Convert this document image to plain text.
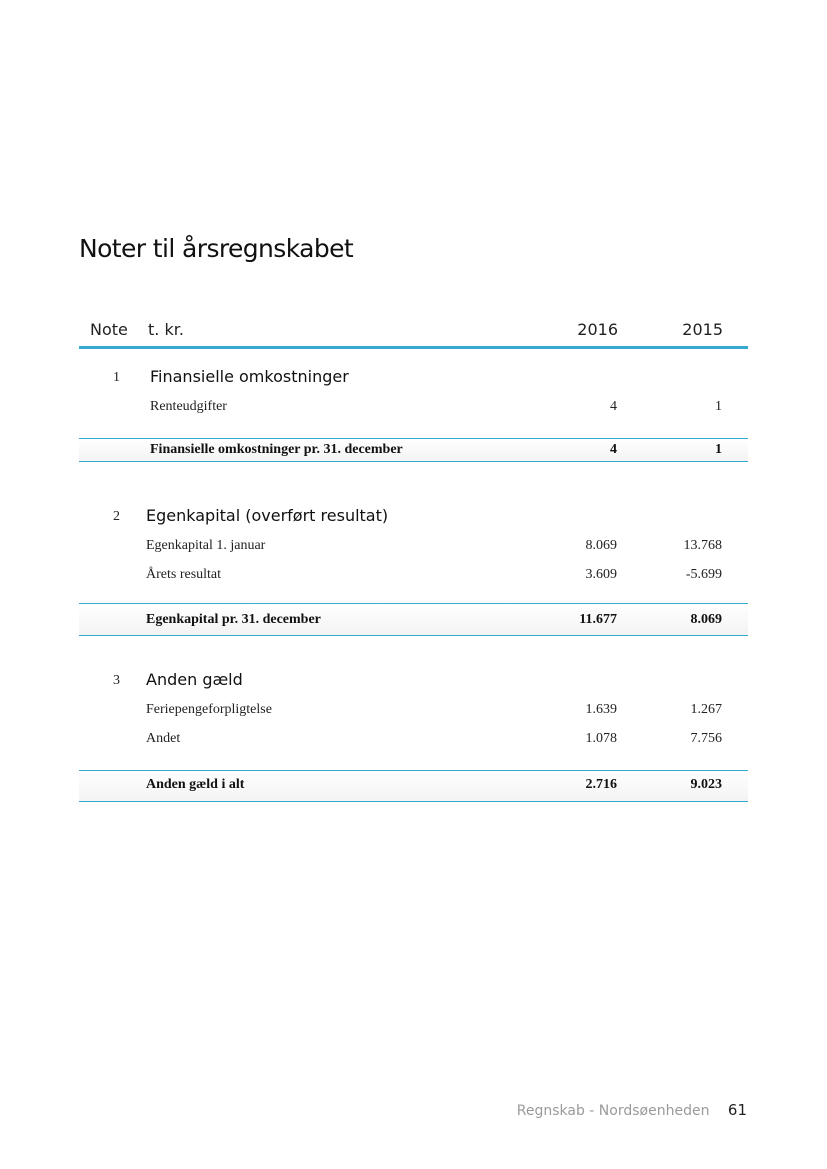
Noter til årsregnskabet
Note t. kr.	2016	2015
1 Finansielle omkostninger
Renteudgifter	4	1
Finansielle omkostninger pr. 31. december	4	1
2 Egenkapital (overført resultat)
Egenkapital 1. januar	8.069	13.768
Årets resultat	3.609	-5.699
Egenkapital pr. 31. december	11.677	8.069
3 Anden gæld
Feriepengeforpligtelse	1.639	1.267
Andet	1.078	7.756
Anden gæld i alt	2.716	9.023
Regnskab - Nordsøenheden 61
